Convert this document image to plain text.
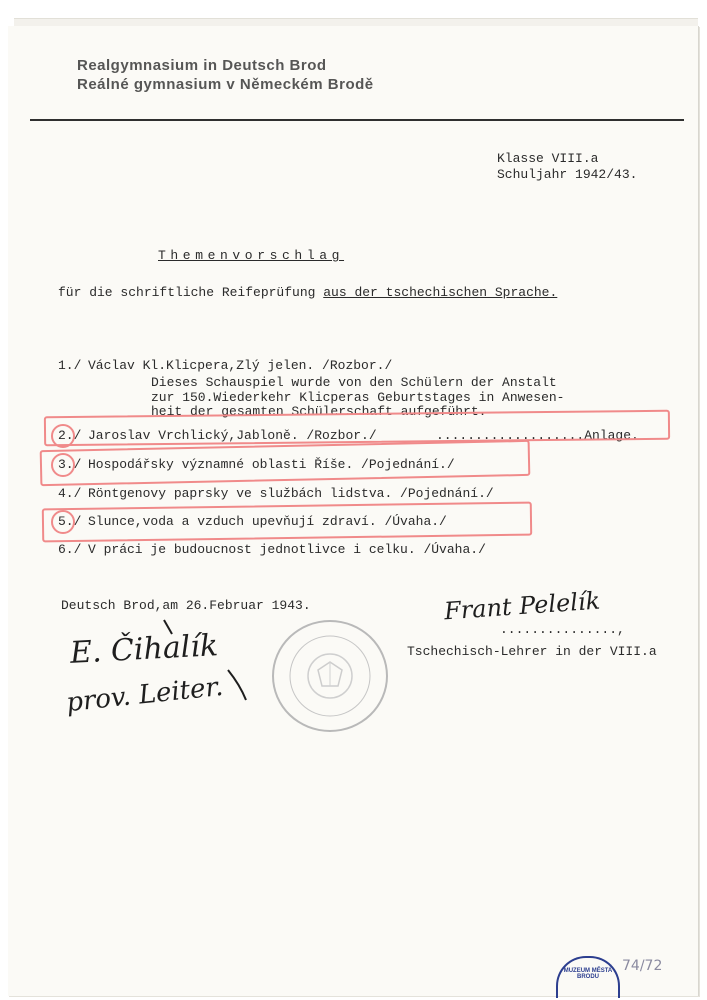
Realgymnasium in Deutsch Brod
Reálné gymnasium v Německém Brodě
Klasse VIII.a
Schuljahr 1942/43.
Themenvorschlag
für die schriftliche Reifeprüfung aus der tschechischen Sprache.
1./ Václav Kl.Klicpera,Zlý jelen. /Rozbor./
Dieses Schauspiel wurde von den Schülern der Anstalt
zur 150.Wiederkehr Klicperas Geburtstages in Anwesen-
heit der gesamten Schülerschaft aufgeführt.
2./ Jaroslav Vrchlický,Jabloně. /Rozbor./	...................Anlage.
3./ Hospodářsky významné oblasti Říše. /Pojednání./
4./ Röntgenovy paprsky ve službách lidstva. /Pojednání./
5./ Slunce,voda a vzduch upevňují zdraví. /Úvaha./
6./ V práci je budoucnost jednotlivce i celku. /Úvaha./
Deutsch Brod,am 26.Februar 1943.	Frant Pelelík
...............,
Tschechisch-Lehrer in der VIII.a
E. Čihalík
prov. Leiter.
MUZEUM MĚSTA BRODU
74/72
